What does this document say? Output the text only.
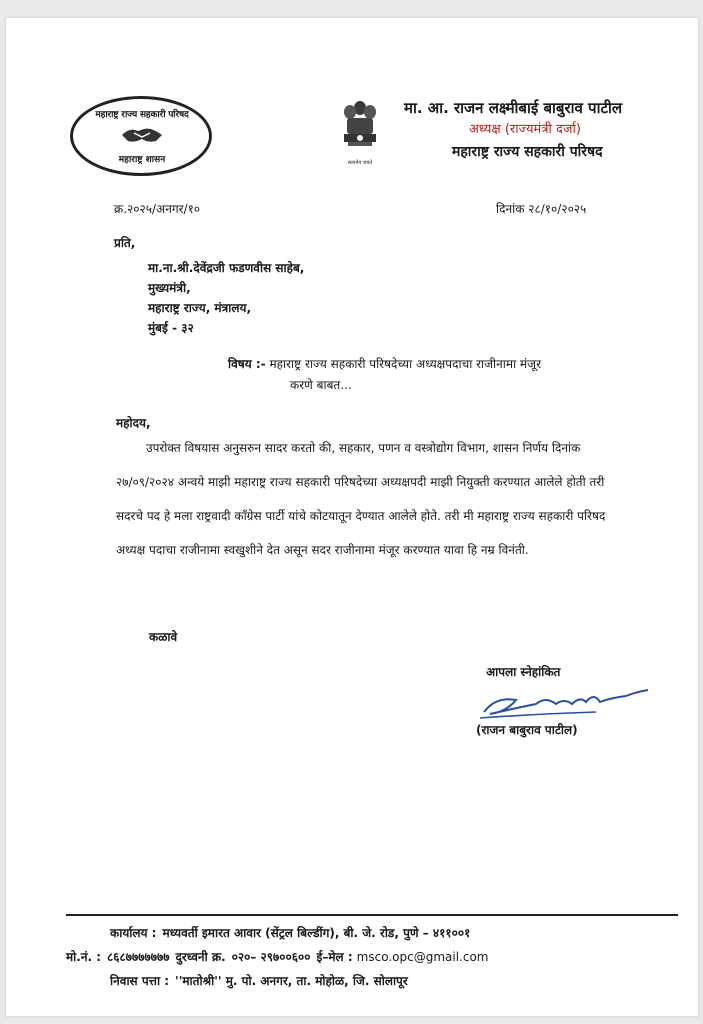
महाराष्ट्र राज्य सहकारी परिषद
महाराष्ट्र शासन	सत्यमेव जयते

मा. आ. राजन लक्ष्मीबाई बाबुराव पाटील

अध्यक्ष (राज्यमंत्री दर्जा)

महाराष्ट्र राज्य सहकारी परिषद

क्र.२०२५/अनगर/१०	दिनांक २८/१०/२०२५
प्रति,
मा.ना.श्री.देवेंद्रजी फडणवीस साहेब,
मुख्यमंत्री,
महाराष्ट्र राज्य, मंत्रालय,
मुंबई - ३२
विषय :- महाराष्ट्र राज्य सहकारी परिषदेच्या अध्यक्षपदाचा राजीनामा मंजूर
करणे बाबत...
महोदय,

उपरोक्त विषयास अनुसरुन सादर करतो की, सहकार, पणन व वस्त्रोद्योग विभाग, शासन निर्णय दिनांक २७/०९/२०२४ अन्वये माझी महाराष्ट्र राज्य सहकारी परिषदेच्या अध्यक्षपदी माझी नियुक्ती करण्यात आलेले होती तरी सदरचे पद हे मला राष्ट्रवादी कॉंग्रेस पार्टी यांचे कोटयातून देण्यात आलेले होते. तरी मी महाराष्ट्र राज्य सहकारी परिषद अध्यक्ष पदाचा राजीनामा स्वखुशीने देत असून सदर राजीनामा मंजूर करण्यात यावा हि नम्र विनंती.

कळावे
आपला स्नेहांकित
(राजन बाबुराव पाटील)
कार्यालय : मध्यवर्ती इमारत आवार (सेंट्रल बिल्डींग), बी. जे. रोड, पुणे – ४११००१
मो.नं. : ८६८७७७७७७७ दुरध्वनी क्र. ०२०– २९७००६०० ई–मेल : msco.opc@gmail.com
निवास पत्ता : ''मातोश्री'' मु. पो. अनगर, ता. मोहोळ, जि. सोलापूर
